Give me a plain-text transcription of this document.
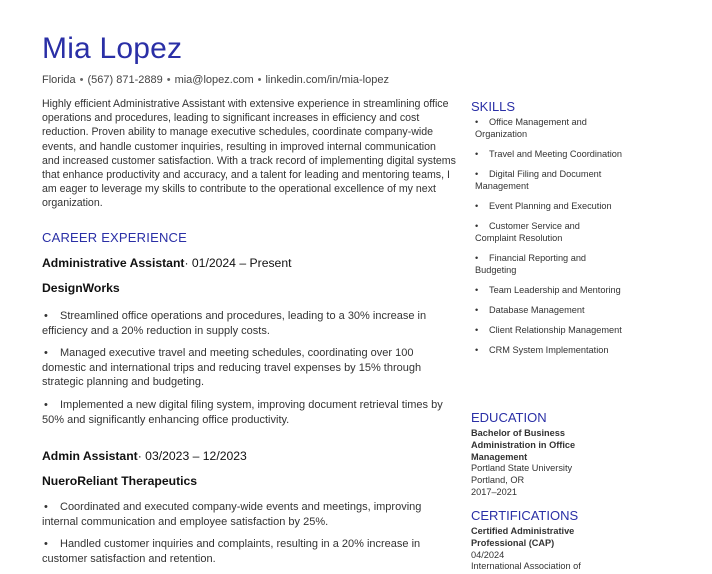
Mia Lopez
Florida • (567) 871-2889 • mia@lopez.com • linkedin.com/in/mia-lopez
Highly efficient Administrative Assistant with extensive experience in streamlining office operations and procedures, leading to significant increases in efficiency and cost reduction. Proven ability to manage executive schedules, coordinate company-wide events, and handle customer inquiries, resulting in improved internal communication and increased customer satisfaction. With a track record of implementing digital systems that enhance productivity and accuracy, and a talent for leading and mentoring teams, I am eager to leverage my skills to contribute to the operational excellence of my next organization.
CAREER EXPERIENCE
Administrative Assistant· 01/2024 – Present
DesignWorks
• Streamlined office operations and procedures, leading to a 30% increase in efficiency and a 20% reduction in supply costs.
• Managed executive travel and meeting schedules, coordinating over 100 domestic and international trips and reducing travel expenses by 15% through strategic planning and budgeting.
• Implemented a new digital filing system, improving document retrieval times by 50% and significantly enhancing office productivity.
Admin Assistant· 03/2023 – 12/2023
NueroReliant Therapeutics
• Coordinated and executed company-wide events and meetings, improving internal communication and employee satisfaction by 25%.
• Handled customer inquiries and complaints, resulting in a 20% increase in customer satisfaction and retention.
SKILLS
• Office Management and Organization
• Travel and Meeting Coordination
• Digital Filing and Document Management
• Event Planning and Execution
• Customer Service and Complaint Resolution
• Financial Reporting and Budgeting
• Team Leadership and Mentoring
• Database Management
• Client Relationship Management
• CRM System Implementation
EDUCATION
Bachelor of Business Administration in Office Management
Portland State University
Portland, OR
2017–2021
CERTIFICATIONS
Certified Administrative Professional (CAP)
04/2024
International Association of
